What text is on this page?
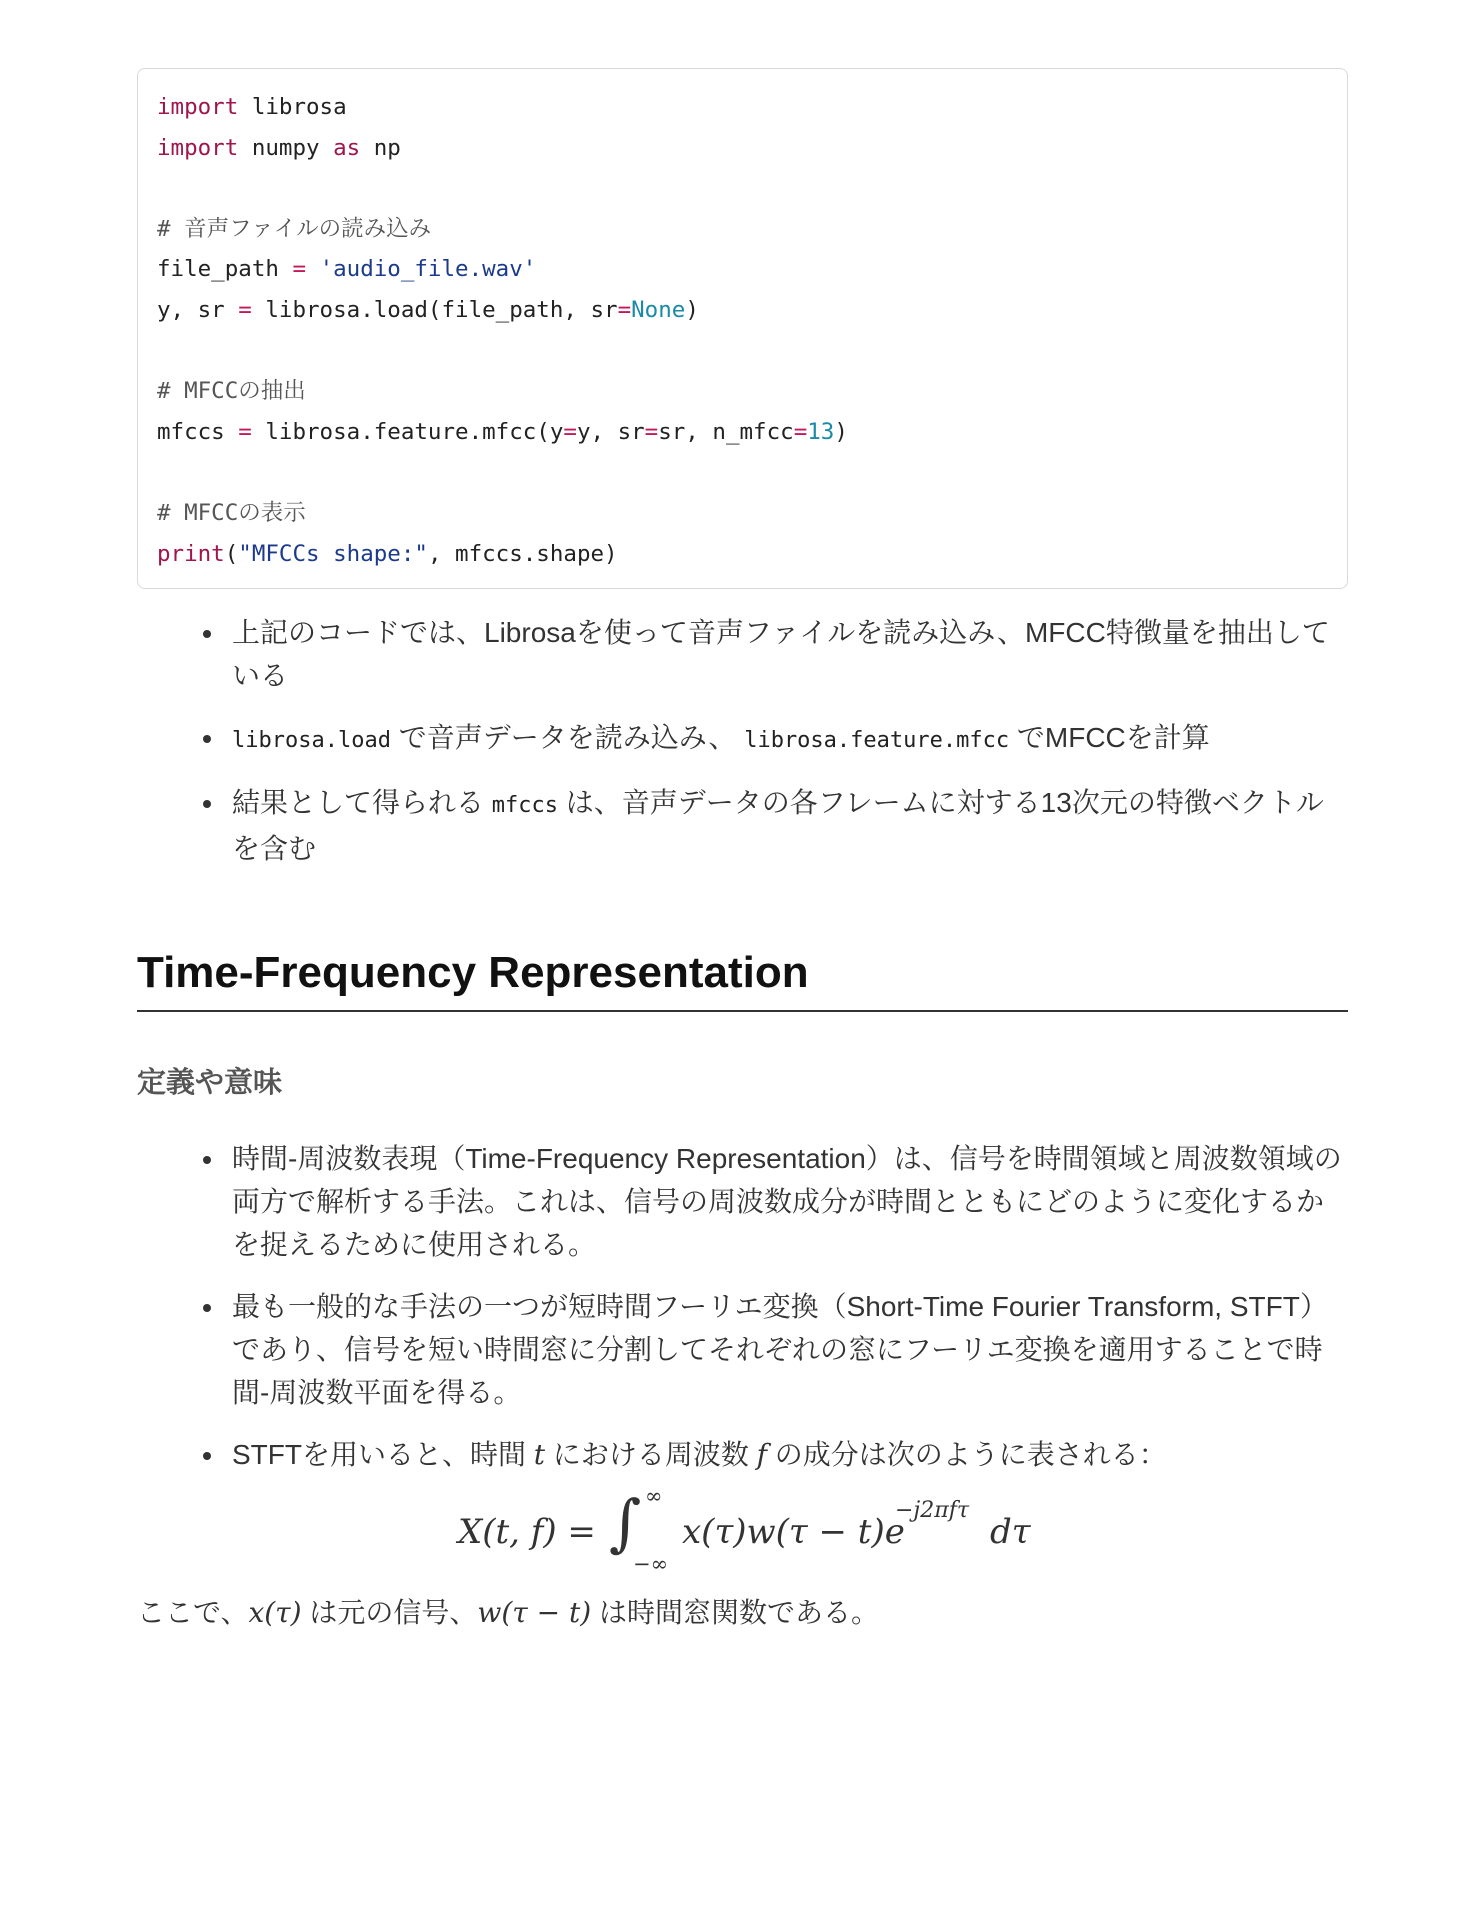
import librosa
import numpy as np
# 音声ファイルの読み込み
file_path = 'audio_file.wav'
y, sr = librosa.load(file_path, sr=None)
# MFCCの抽出
mfccs = librosa.feature.mfcc(y=y, sr=sr, n_mfcc=13)
# MFCCの表示
print("MFCCs shape:", mfccs.shape)
上記のコードでは、Librosaを使って音声ファイルを読み込み、MFCC特徴量を抽出している
librosa.load で音声データを読み込み、 librosa.feature.mfcc でMFCCを計算
結果として得られる mfccs は、音声データの各フレームに対する13次元の特徴ベクトルを含む
Time-Frequency Representation
定義や意味
時間-周波数表現（Time-Frequency Representation）は、信号を時間領域と周波数領域の両方で解析する手法。これは、信号の周波数成分が時間とともにどのように変化するかを捉えるために使用される。
最も一般的な手法の一つが短時間フーリエ変換（Short-Time Fourier Transform, STFT）であり、信号を短い時間窓に分割してそれぞれの窓にフーリエ変換を適用することで時間-周波数平面を得る。
STFTを用いると、時間 t における周波数 f の成分は次のように表される：
X(t, f) = ∫ ∞
−∞
x(τ)w(τ − t)e
−j2πfτ
dτ

ここで、x(τ) は元の信号、w(τ − t) は時間窓関数である。
